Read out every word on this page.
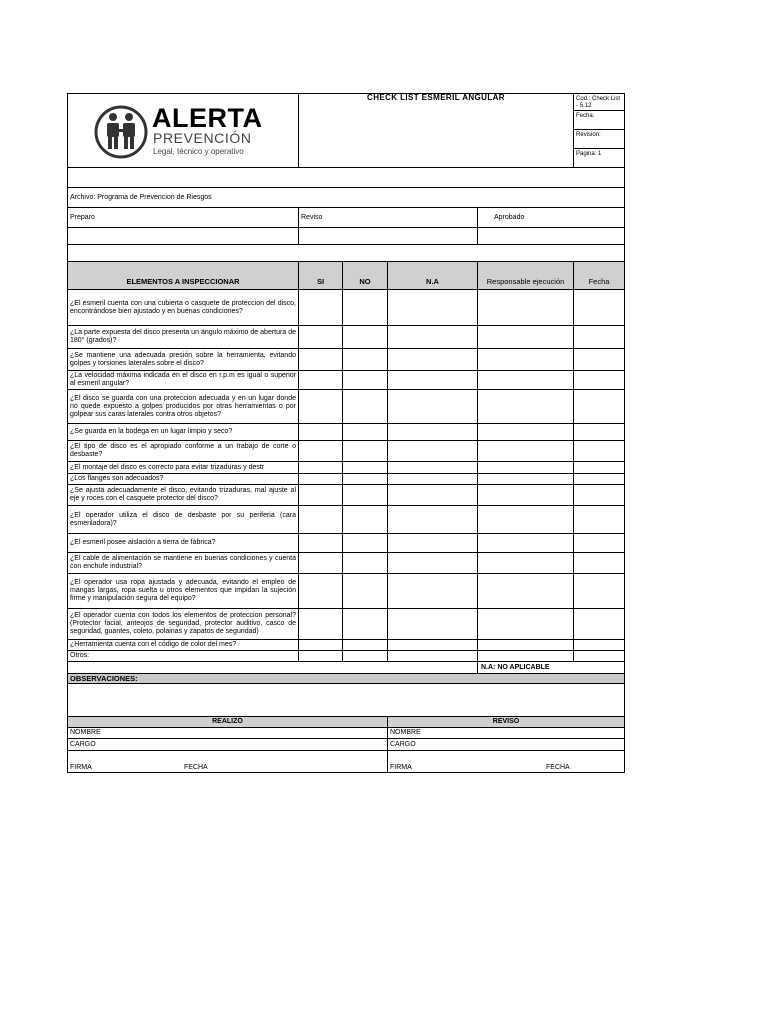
ALERTA
PREVENCIÓN
Legal, técnico y operativo	CHECK LIST ESMERIL ANGULAR				Cod.: Check List - 5.12
					Fecha:
					Revision:
					Pagina: 1

Archivo: Programa de Prevencion de Riesgos					
Preparo	Reviso			Aprobado	

ELEMENTOS A INSPECCIONAR	SI	NO	N.A	Responsable ejecución	Fecha
¿El esmeril cuenta con una cubierta o casquete de proteccion del disco, encontrándose bien ajustado y en buenas condiciones?					
¿La parte expuesta del disco presenta un ángulo máximo de abertura de 180° (grados)?					
¿Se mantiene una adecuada presión sobre la herramienta, evitando golpes y torsiones laterales sobre el disco?					
¿La velocidad máxima indicada en el disco en r.p.m es igual o superior al esmeril angular?					
¿El disco se guarda con una proteccion adecuada y en un lugar donde no quede expuesto a golpes producidos por otras herramientas o por golpear sus caras laterales contra otros objetos?					
¿Se guarda en la bodega en un lugar limpio y seco?					
¿El tipo de disco es el apropiado conforme a un trabajo de corte o desbaste?					
¿El montaje del disco es correcto para evitar trizaduras y destr					
¿Los flanges son adecuados?					
¿Se ajusta adecuadamente el disco, evitando trizaduras, mal ajuste al eje y roces con el casquete protector del disco?					
¿El operador utiliza el disco de desbaste por su periferia (cara esmeriladora)?					
¿El esmeril posee aislación a tierra de fábrica?					
¿El cable de alimentación se mantiene en buenas condiciones y cuenta con enchufe industrial?					
¿El operador usa ropa ajustada y adecuada, evitando el empleo de mangas largas, ropa suelta u otros elementos que impidan la sujeción firme y manipulación segura del equipo?					
¿El operador cuenta con todos los elementos de proteccion personal? (Protector facial, anteojos de seguridad, protector auditivo, casco de seguridad, guantes, coleto, polainas y zapatos de seguridad)					
¿Herramienta cuenta con el código de color del mes?					
Otros:					
				N.A: NO APLICABLE	
OBSERVACIONES:					

REALIZÓ			REVISÓ		
NOMBRE			NOMBRE		
CARGO			CARGO		
FIRMA FECHA			FIRMA FECHA		
